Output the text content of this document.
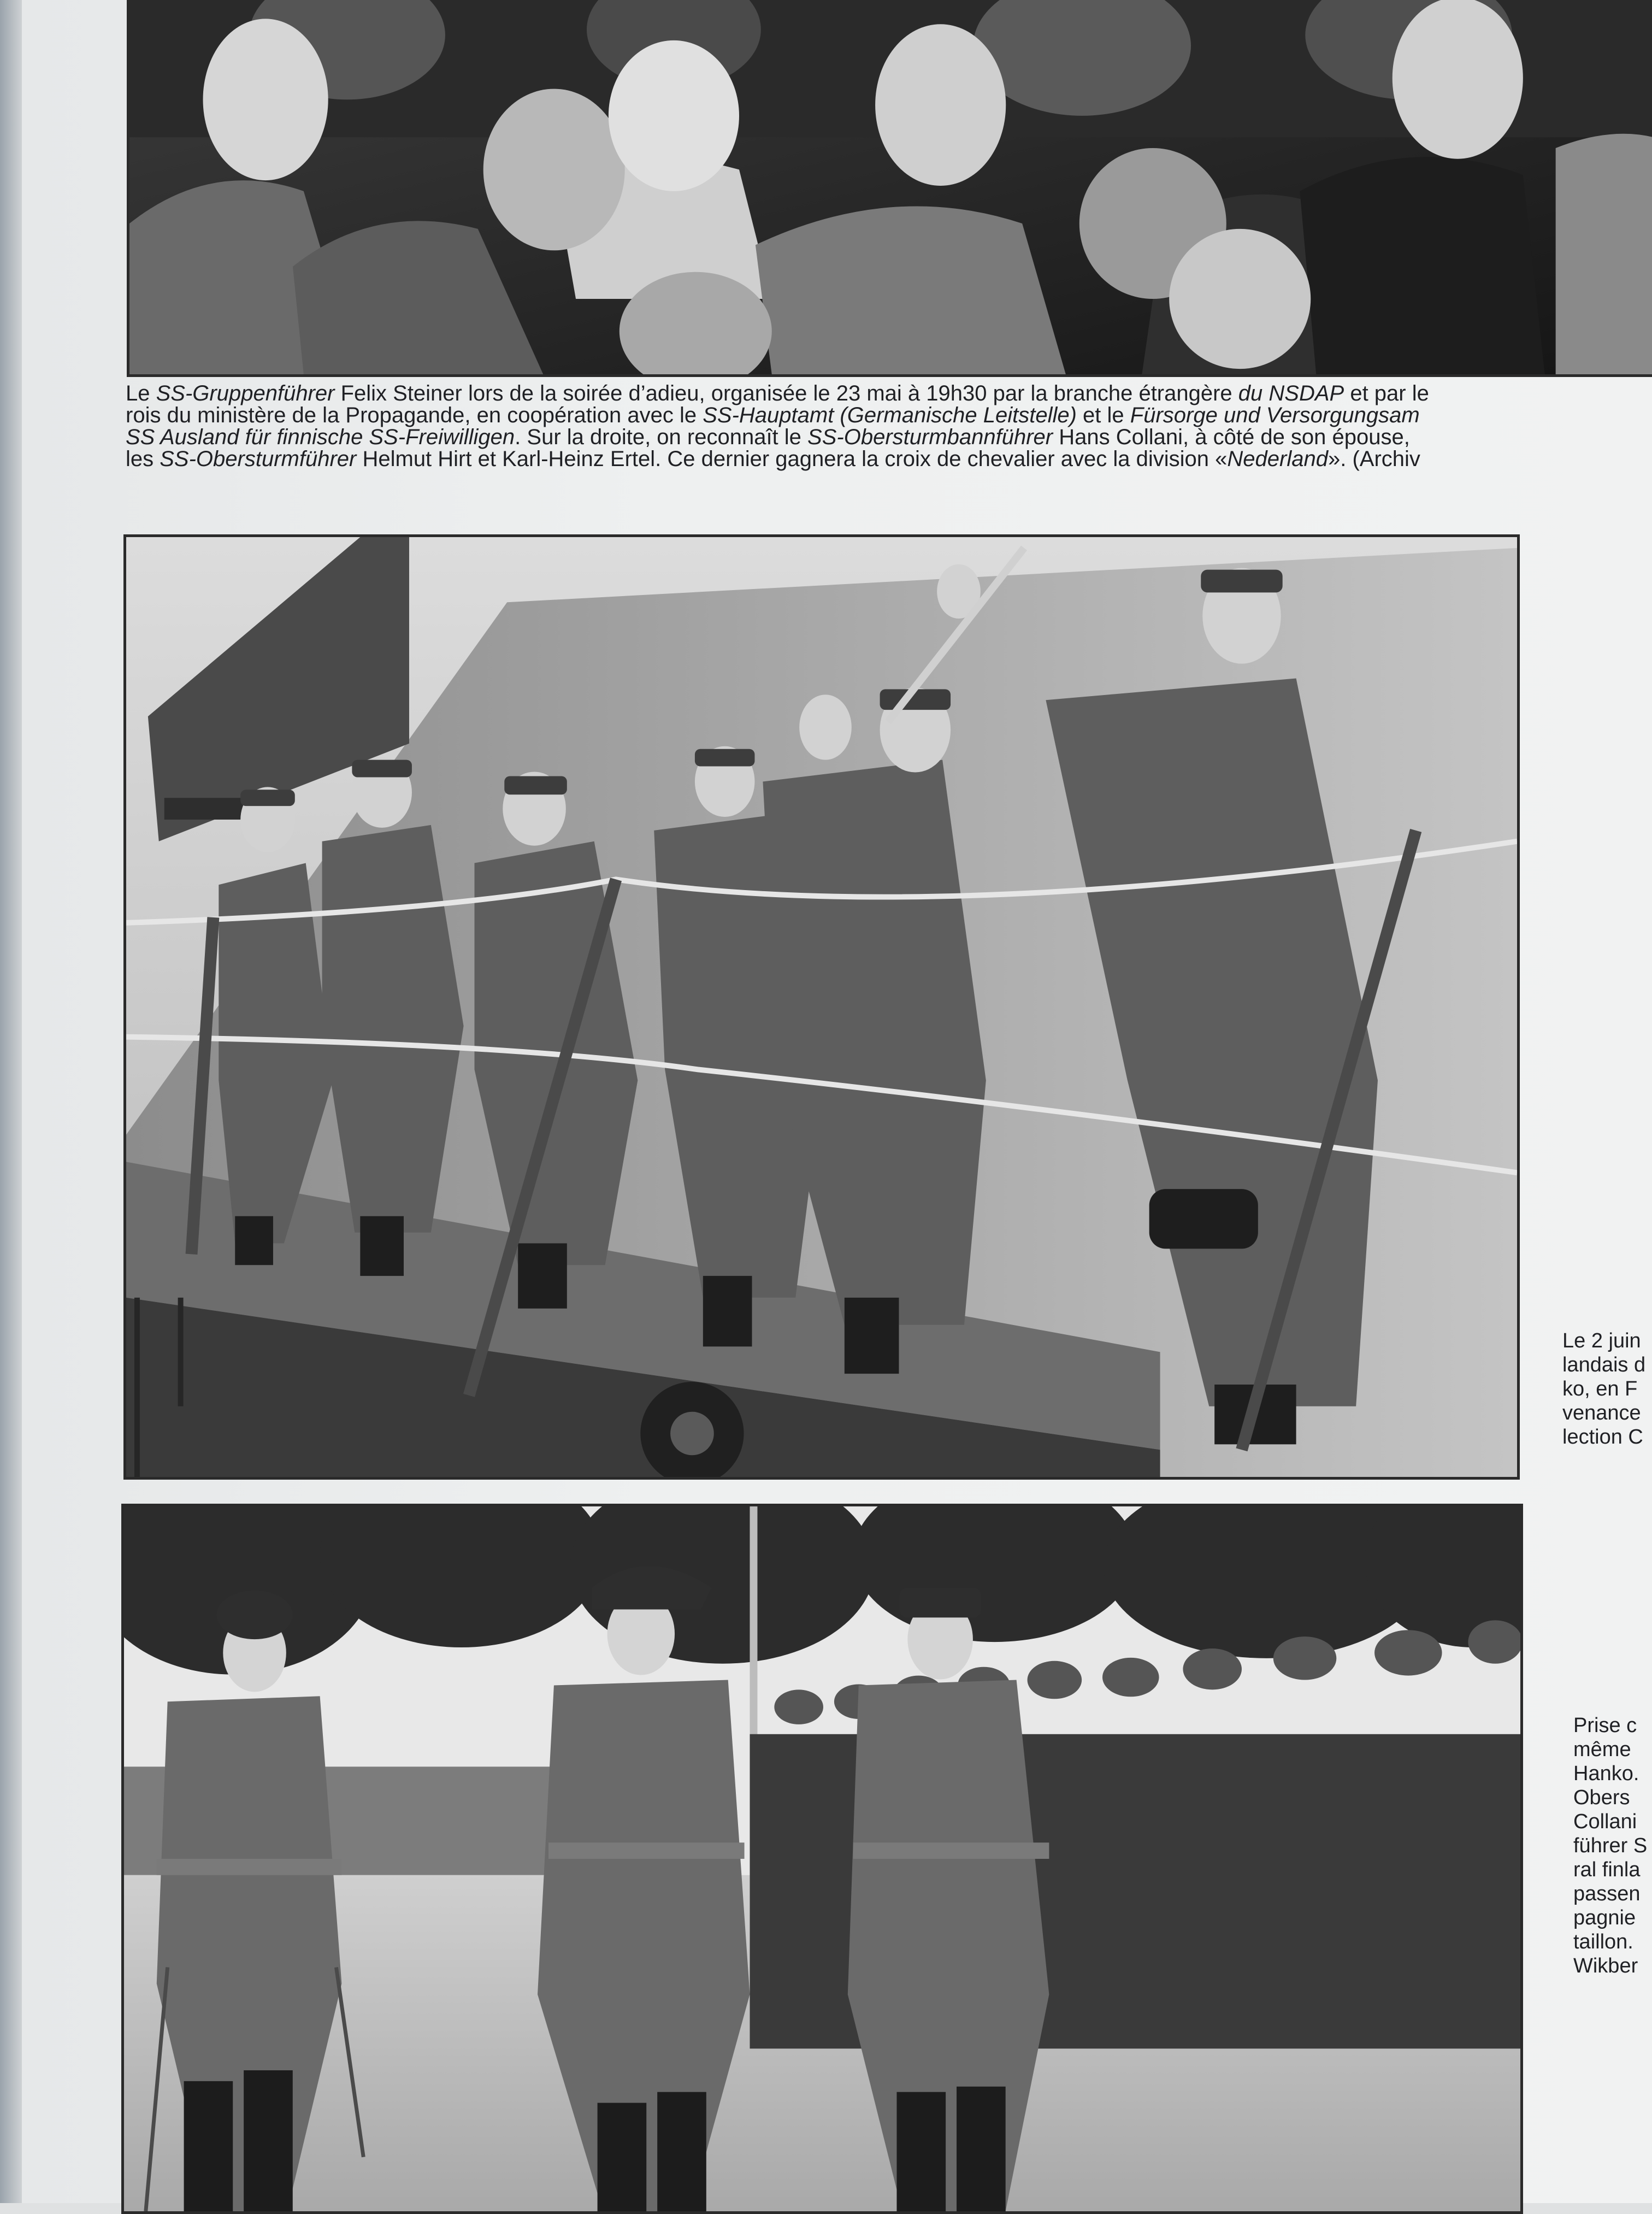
Le SS-Gruppenführer Felix Steiner lors de la soirée d’adieu, organisée le 23 mai à 19h30 par la branche étrangère du NSDAP et par le
rois du ministère de la Propagande, en coopération avec le SS-Hauptamt (Germanische Leitstelle) et le Fürsorge und Versorgungsam
SS Ausland für finnische SS-Freiwilligen. Sur la droite, on reconnaît le SS-Obersturmbannführer Hans Collani, à côté de son épouse,
les SS-Obersturmführer Helmut Hirt et Karl-Heinz Ertel. Ce dernier gagnera la croix de chevalier avec la division «Nederland». (Archiv
Le 2 juin
landais d
ko, en F
venance
lection C
Prise c
même
Hanko.
Obers
Collani
führer S
ral finla
passen
pagnie
taillon.
Wikber
